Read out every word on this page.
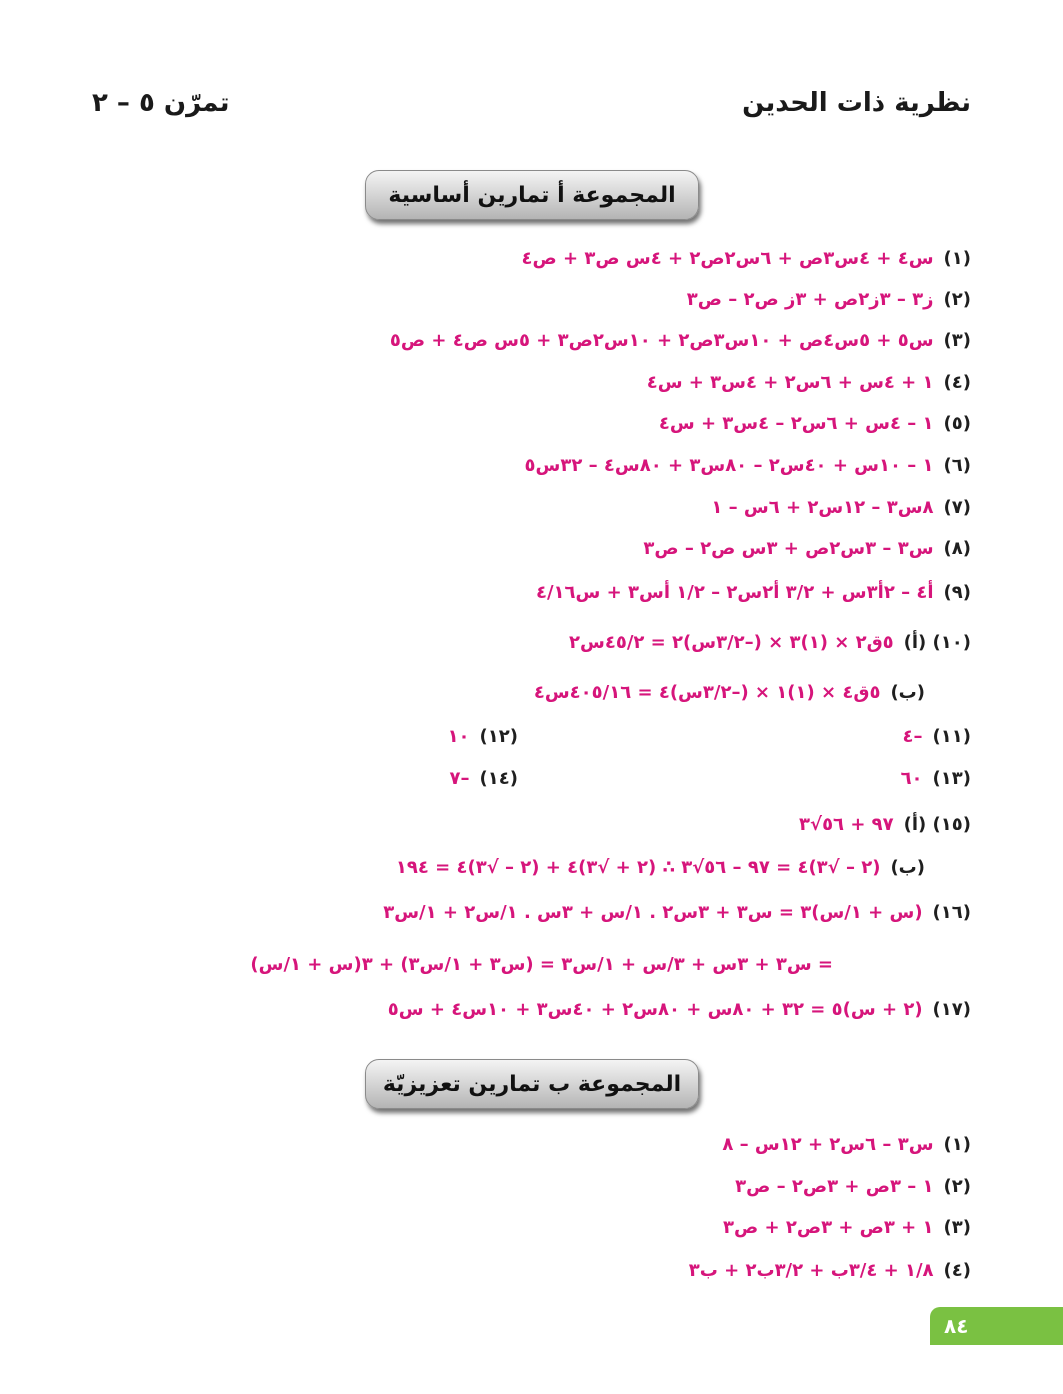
نظرية ذات الحدين
تمرّن ٥ – ٢
المجموعة أ تمارين أساسية
(١)س٤ + ٤س٣ص + ٦س٢ص٢ + ٤س ص٣ + ص٤
(٢)ز٣ – ٣ز٢ص + ٣ز ص٢ – ص٣
(٣)س٥ + ٥س٤ص + ١٠س٣ص٢ + ١٠س٢ص٣ + ٥س ص٤ + ص٥
(٤)١ + ٤س + ٦س٢ + ٤س٣ + س٤
(٥)١ – ٤س + ٦س٢ – ٤س٣ + س٤
(٦)١ – ١٠س + ٤٠س٢ – ٨٠س٣ + ٨٠س٤ – ٣٢س٥
(٧)٨س٣ – ١٢س٢ + ٦س – ١
(٨)س٣ – ٣س٢ص + ٣س ص٢ – ص٣
(٩)أ٤ – ٢أ٣س + ٣/٢ أ٢س٢ – ١/٢ أس٣ + س٤/١٦
(١٠) (أ)٥ق٢ × (١)٣ × (–٣/٢س)٢ = ٤٥/٢س٢
(ب)٥ق٤ × (١)١ × (–٣/٢س)٤ = ٤٠٥/١٦س٤
(١١)–٤
(١٢)١٠
(١٣)٦٠
(١٤)–٧
(١٥) (أ)٩٧ + ٥٦√٣
(ب)(٢ – √٣)٤ = ٩٧ – ٥٦√٣ ∴ (٢ + √٣)٤ + (٢ – √٣)٤ = ١٩٤
(١٦)(س + ١/س)٣ = س٣ + ٣س٢ . ١/س + ٣س . ١/س٢ + ١/س٣
= س٣ + ٣س + ٣/س + ١/س٣ = (س٣ + ١/س٣) + ٣(س + ١/س)
(١٧)(٢ + س)٥ = ٣٢ + ٨٠س + ٨٠س٢ + ٤٠س٣ + ١٠س٤ + س٥
المجموعة ب تمارين تعزيزيّة
(١)س٣ – ٦س٢ + ١٢س – ٨
(٢)١ – ٣ص + ٣ص٢ – ص٣
(٣)١ + ٣ص + ٣ص٢ + ص٣
(٤)١/٨ + ٣/٤ب + ٣/٢ب٢ + ب٣
٨٤
